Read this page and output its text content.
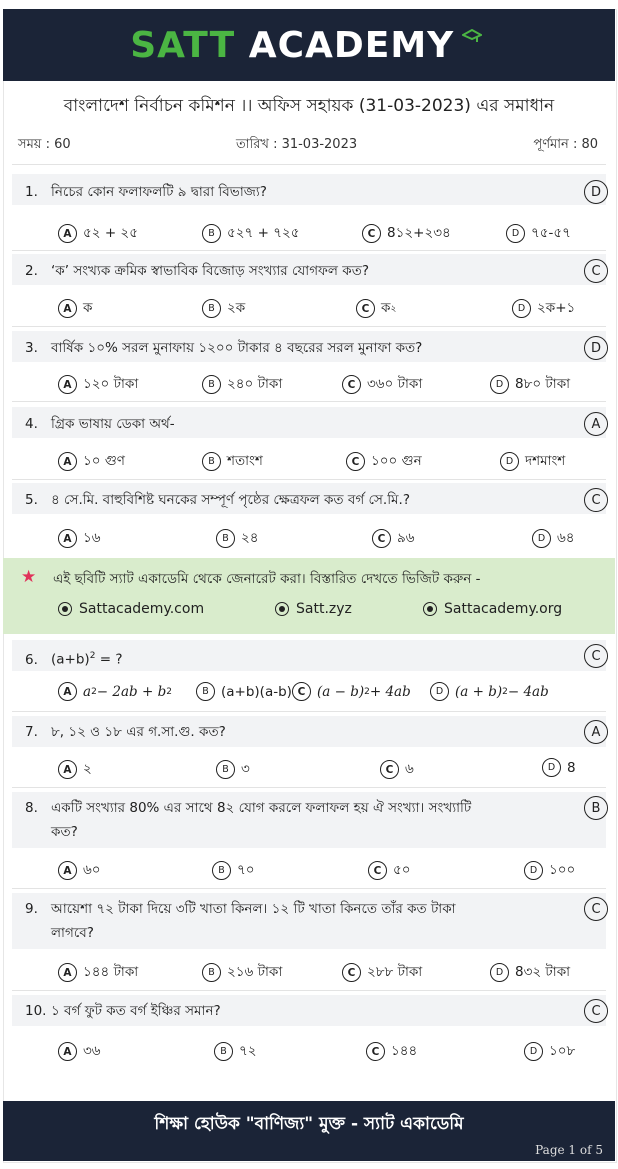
SATT ACADEMY
বাংলাদেশ নির্বাচন কমিশন ।। অফিস সহায়ক (31-03-2023) এর সমাধান
সময় : 60	তারিখ : 31-03-2023	পূর্ণমান : 80
1. নিচের কোন ফলাফলটি ৯ দ্বারা বিভাজ্য?	D
A ৫২ + ২৫	B ৫২৭ + ৭২৫	C 8১২+২৩৪	D ৭৫-৫৭
2. ‘ক’ সংখ্যক ক্রমিক স্বাভাবিক বিজোড় সংখ্যার যোগফল কত?	C
A ক	B ২ক	C ক ২	D ২ক+১
3. বার্ষিক ১০% সরল মুনাফায় ১২০০ টাকার ৪ বছরের সরল মুনাফা কত?	D
A ১২০ টাকা	B ২৪০ টাকা	C ৩৬০ টাকা	D 8৮০ টাকা
4. গ্রিক ভাষায় ডেকা অর্থ-	A
A ১০ গুণ	B শতাংশ	C ১০০ গুন	D দশমাংশ
5. ৪ সে.মি. বাহুবিশিষ্ট ঘনকের সম্পূর্ণ পৃষ্ঠের ক্ষেত্রফল কত বর্গ সে.মি.?	C
A ১৬	B ২৪	C ৯৬	D ৬৪
★ এই ছবিটি স্যাট একাডেমি থেকে জেনারেট করা। বিস্তারিত দেখতে ভিজিট করুন -
Sattacademy.com	Satt.zyz	Sattacademy.org
6. $(a+b)^2$ = ?	C
A a 2 − 2ab + b 2	B (a+b)(a-b) C (a − b) 2 + 4ab	D (a + b) 2 − 4ab
7. ৮, ১২ ও ১৮ এর গ.সা.গু. কত?	A
A ২	B ৩	C ৬	D 8
8. একটি সংখ্যার 80% এর সাথে 8২ যোগ করলে ফলাফল হয় ঐ সংখ্যা। সংখ্যাটি
কত?
B
A ৬০	B ৭০	C ৫০	D ১০০
9. আয়েশা ৭২ টাকা দিয়ে ৩টি খাতা কিনল। ১২ টি খাতা কিনতে তাঁর কত টাকা
লাগবে?
C
A ১৪৪ টাকা	B ২১৬ টাকা	C ২৮৮ টাকা	D 8৩২ টাকা
10. ১ বর্গ ফুট কত বর্গ ইঞ্চির সমান?	C
A ৩৬	B ৭২	C ১৪৪	D ১০৮
শিক্ষা হোউক "বাণিজ্য" মুক্ত - স্যাট একাডেমি
Page 1 of 5
